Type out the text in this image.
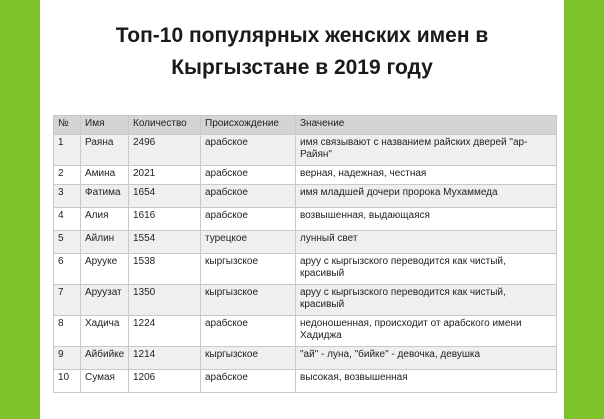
Топ-10 популярных женских имен в
Кыргызстане в 2019 году
№	Имя	Количество	Происхождение	Значение
1	Раяна	2496	арабское	имя связывают с названием райских дверей "ар-Райян"
2	Амина	2021	арабское	верная, надежная, честная
3	Фатима	1654	арабское	имя младшей дочери пророка Мухаммеда
4	Алия	1616	арабское	возвышенная, выдающаяся
5	Айлин	1554	турецкое	лунный свет
6	Арууке	1538	кыргызское	аруу с кыргызского переводится как чистый, красивый
7	Аруузат	1350	кыргызское	аруу с кыргызского переводится как чистый, красивый
8	Хадича	1224	арабское	недоношенная, происходит от арабского имени Хадиджа
9	Айбийке	1214	кыргызское	"ай" - луна, "бийке" - девочка, девушка
10	Сумая	1206	арабское	высокая, возвышенная
